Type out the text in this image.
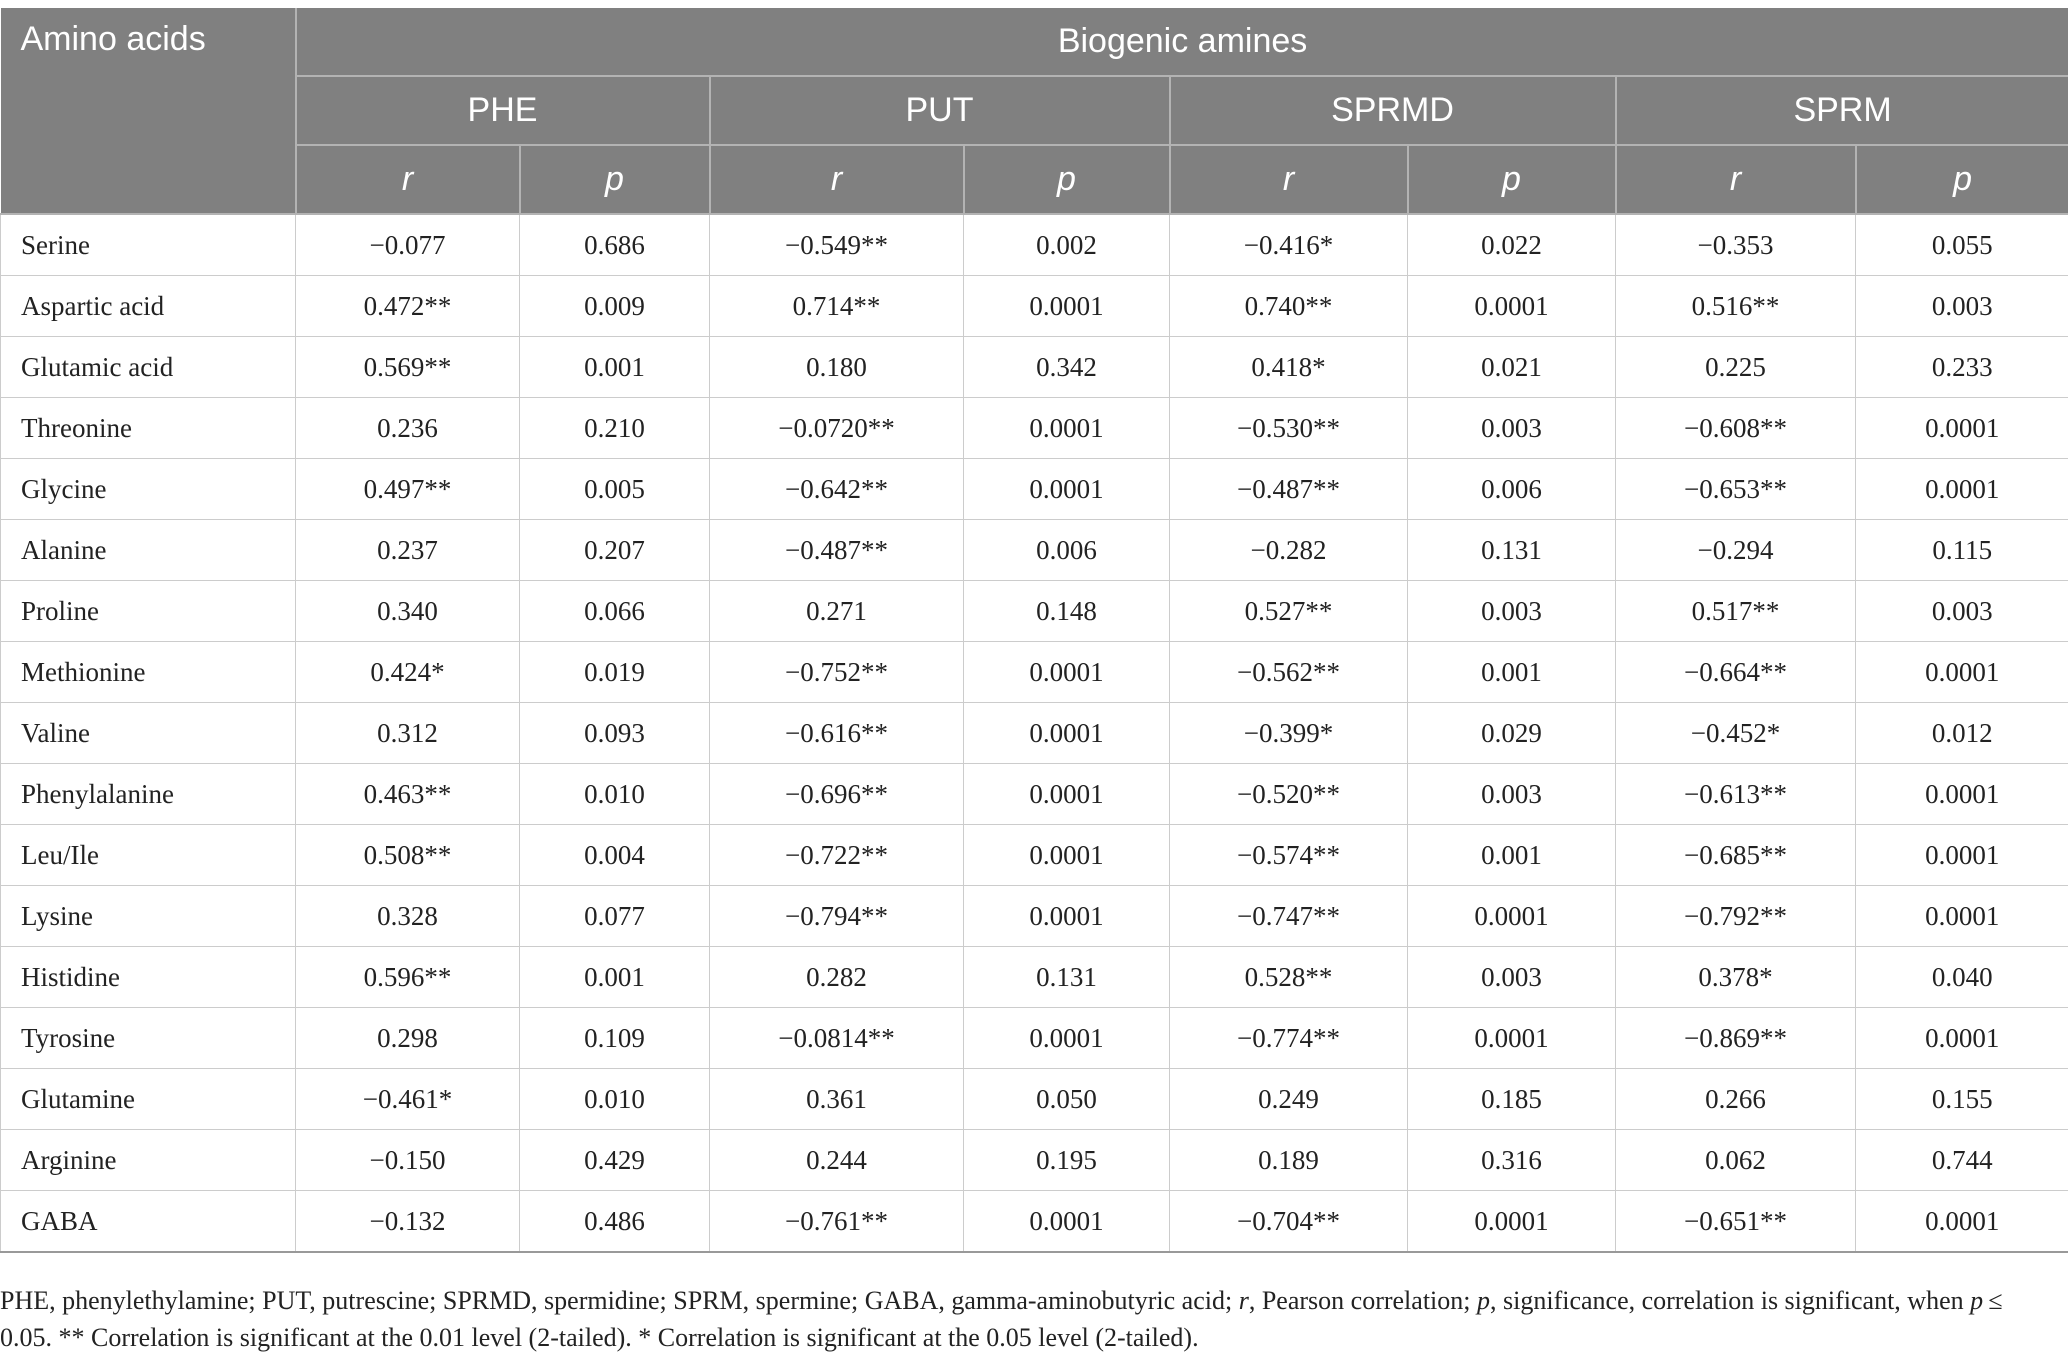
Amino acids	Biogenic amines							
	PHE		PUT		SPRMD		SPRM	
	r	p	r	p	r	p	r	p
Serine	−0.077	0.686	−0.549**	0.002	−0.416*	0.022	−0.353	0.055
Aspartic acid	0.472**	0.009	0.714**	0.0001	0.740**	0.0001	0.516**	0.003
Glutamic acid	0.569**	0.001	0.180	0.342	0.418*	0.021	0.225	0.233
Threonine	0.236	0.210	−0.0720**	0.0001	−0.530**	0.003	−0.608**	0.0001
Glycine	0.497**	0.005	−0.642**	0.0001	−0.487**	0.006	−0.653**	0.0001
Alanine	0.237	0.207	−0.487**	0.006	−0.282	0.131	−0.294	0.115
Proline	0.340	0.066	0.271	0.148	0.527**	0.003	0.517**	0.003
Methionine	0.424*	0.019	−0.752**	0.0001	−0.562**	0.001	−0.664**	0.0001
Valine	0.312	0.093	−0.616**	0.0001	−0.399*	0.029	−0.452*	0.012
Phenylalanine	0.463**	0.010	−0.696**	0.0001	−0.520**	0.003	−0.613**	0.0001
Leu/Ile	0.508**	0.004	−0.722**	0.0001	−0.574**	0.001	−0.685**	0.0001
Lysine	0.328	0.077	−0.794**	0.0001	−0.747**	0.0001	−0.792**	0.0001
Histidine	0.596**	0.001	0.282	0.131	0.528**	0.003	0.378*	0.040
Tyrosine	0.298	0.109	−0.0814**	0.0001	−0.774**	0.0001	−0.869**	0.0001
Glutamine	−0.461*	0.010	0.361	0.050	0.249	0.185	0.266	0.155
Arginine	−0.150	0.429	0.244	0.195	0.189	0.316	0.062	0.744
GABA	−0.132	0.486	−0.761**	0.0001	−0.704**	0.0001	−0.651**	0.0001
PHE, phenylethylamine; PUT, putrescine; SPRMD, spermidine; SPRM, spermine; GABA, gamma-aminobutyric acid; r, Pearson correlation; p, significance, correlation is significant, when p ≤ 0.05. ** Correlation is significant at the 0.01 level (2-tailed). * Correlation is significant at the 0.05 level (2-tailed).
